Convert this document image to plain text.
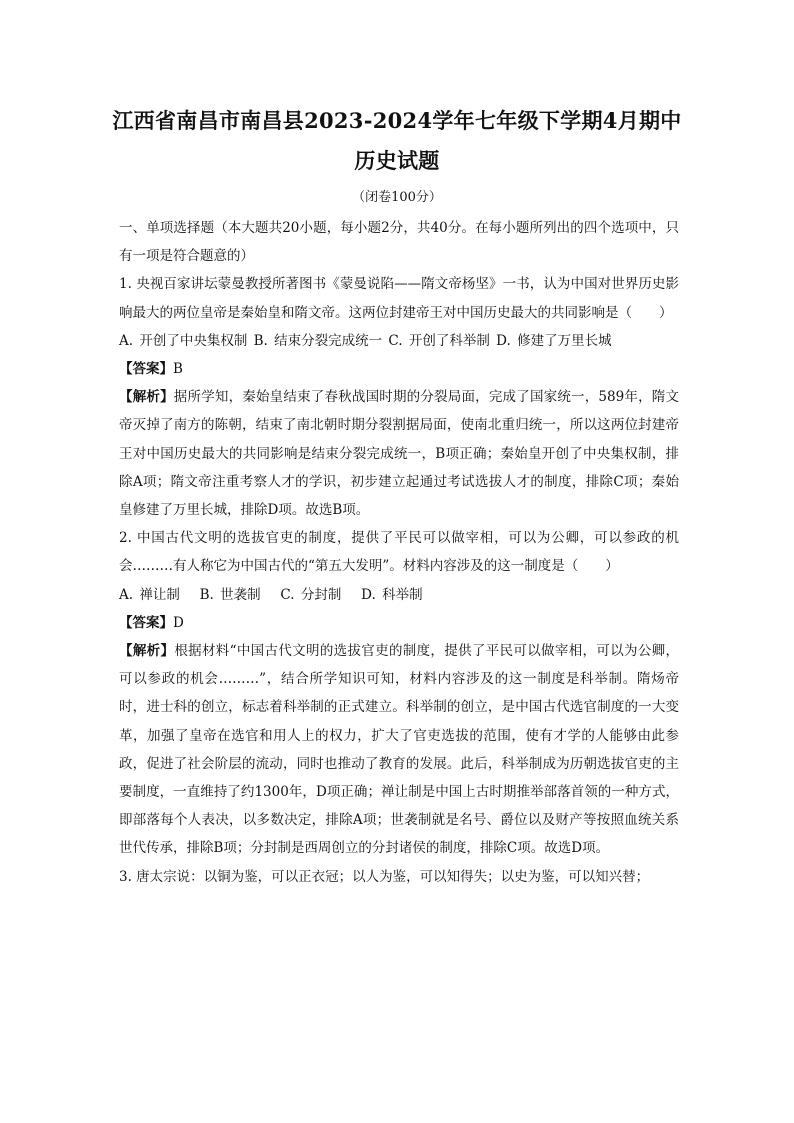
江西省南昌市南昌县2023-2024学年七年级下学期4月期中
历史试题
（闭卷100分）

一、单项选择题（本大题共20小题，每小题2分，共40分。在每小题所列出的四个选项中，只有一项是符合题意的）

1. 央视百家讲坛蒙曼教授所著图书《蒙曼说陷——隋文帝杨坚》一书，认为中国对世界历史影响最大的两位皇帝是秦始皇和隋文帝。这两位封建帝王对中国历史最大的共同影响是（　　）

A. 开创了中央集权制 B. 结束分裂完成统一 C. 开创了科举制 D. 修建了万里长城

【答案】B

【解析】据所学知，秦始皇结束了春秋战国时期的分裂局面，完成了国家统一，589年，隋文帝灭掉了南方的陈朝，结束了南北朝时期分裂割据局面，使南北重归统一，所以这两位封建帝王对中国历史最大的共同影响是结束分裂完成统一，B项正确；秦始皇开创了中央集权制，排除A项；隋文帝注重考察人才的学识，初步建立起通过考试选拔人才的制度，排除C项；秦始皇修建了万里长城，排除D项。故选B项。

2. 中国古代文明的选拔官吏的制度，提供了平民可以做宰相，可以为公卿，可以参政的机会………有人称它为中国古代的“第五大发明”。材料内容涉及的这一制度是（　　）

A. 禅让制　 B. 世袭制　 C. 分封制　 D. 科举制

【答案】D

【解析】根据材料“中国古代文明的选拔官吏的制度，提供了平民可以做宰相，可以为公卿，可以参政的机会………”，结合所学知识可知，材料内容涉及的这一制度是科举制。隋炀帝时，进士科的创立，标志着科举制的正式建立。科举制的创立，是中国古代选官制度的一大变革，加强了皇帝在选官和用人上的权力，扩大了官吏选拔的范围，使有才学的人能够由此参政，促进了社会阶层的流动，同时也推动了教育的发展。此后，科举制成为历朝选拔官吏的主要制度，一直维持了约1300年，D项正确；禅让制是中国上古时期推举部落首领的一种方式，即部落每个人表决，以多数决定，排除A项；世袭制就是名号、爵位以及财产等按照血统关系世代传承，排除B项；分封制是西周创立的分封诸侯的制度，排除C项。故选D项。

3. 唐太宗说：以铜为鉴，可以正衣冠；以人为鉴，可以知得失；以史为鉴，可以知兴替；
